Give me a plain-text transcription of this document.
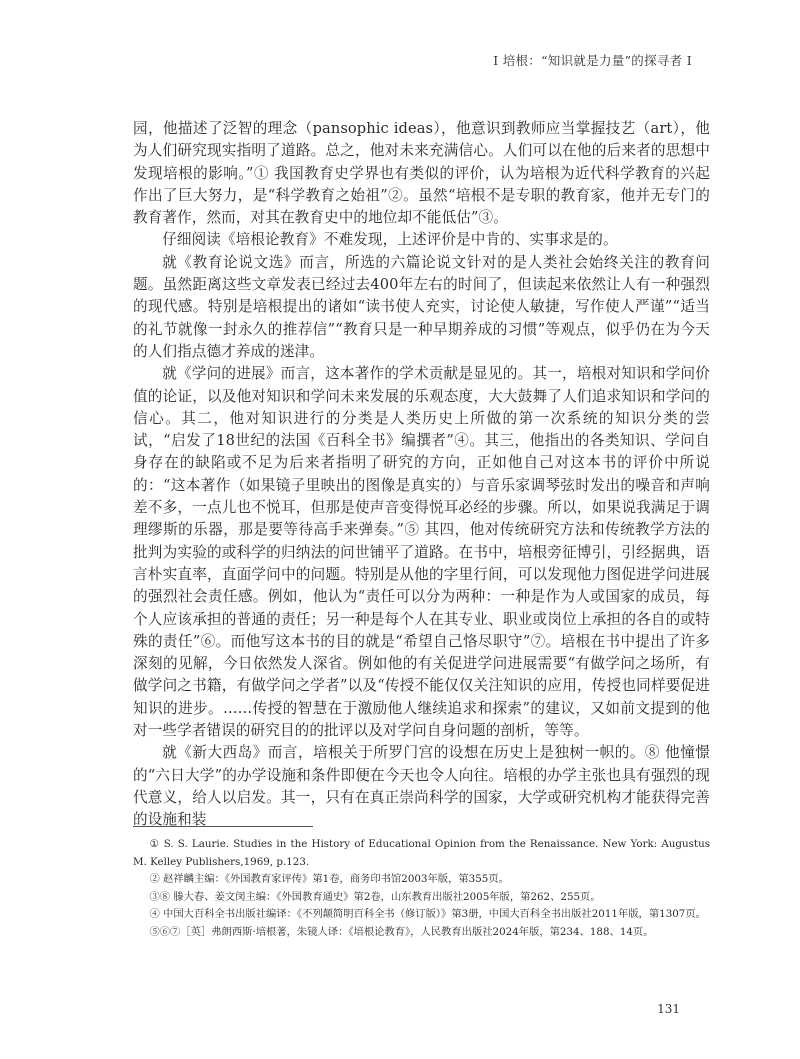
Ⅰ 培根：“知识就是力量”的探寻者 Ⅰ

园，他描述了泛智的理念（pansophic ideas），他意识到教师应当掌握技艺（art），他为人们研究现实指明了道路。总之，他对未来充满信心。人们可以在他的后来者的思想中发现培根的影响。”① 我国教育史学界也有类似的评价，认为培根为近代科学教育的兴起作出了巨大努力，是“科学教育之始祖”②。虽然“培根不是专职的教育家，他并无专门的教育著作，然而，对其在教育史中的地位却不能低估”③。

仔细阅读《培根论教育》不难发现，上述评价是中肯的、实事求是的。

就《教育论说文选》而言，所选的六篇论说文针对的是人类社会始终关注的教育问题。虽然距离这些文章发表已经过去400年左右的时间了，但读起来依然让人有一种强烈的现代感。特别是培根提出的诸如“读书使人充实，讨论使人敏捷，写作使人严谨”“适当的礼节就像一封永久的推荐信”“教育只是一种早期养成的习惯”等观点，似乎仍在为今天的人们指点德才养成的迷津。

就《学问的进展》而言，这本著作的学术贡献是显见的。其一，培根对知识和学问价值的论证，以及他对知识和学问未来发展的乐观态度，大大鼓舞了人们追求知识和学问的信心。其二，他对知识进行的分类是人类历史上所做的第一次系统的知识分类的尝试，“启发了18世纪的法国《百科全书》编撰者”④。其三，他指出的各类知识、学问自身存在的缺陷或不足为后来者指明了研究的方向，正如他自己对这本书的评价中所说的：“这本著作（如果镜子里映出的图像是真实的）与音乐家调琴弦时发出的噪音和声响差不多，一点儿也不悦耳，但那是使声音变得悦耳必经的步骤。所以，如果说我满足于调理缪斯的乐器，那是要等待高手来弹奏。”⑤ 其四，他对传统研究方法和传统教学方法的批判为实验的或科学的归纳法的问世铺平了道路。在书中，培根旁征博引，引经据典，语言朴实直率，直面学问中的问题。特别是从他的字里行间，可以发现他力图促进学问进展的强烈社会责任感。例如，他认为“责任可以分为两种：一种是作为人或国家的成员，每个人应该承担的普通的责任；另一种是每个人在其专业、职业或岗位上承担的各自的或特殊的责任”⑥。而他写这本书的目的就是“希望自己恪尽职守”⑦。培根在书中提出了许多深刻的见解，今日依然发人深省。例如他的有关促进学问进展需要“有做学问之场所，有做学问之书籍，有做学问之学者”以及“传授不能仅仅关注知识的应用，传授也同样要促进知识的进步。……传授的智慧在于激励他人继续追求和探索”的建议，又如前文提到的他对一些学者错误的研究目的的批评以及对学问自身问题的剖析，等等。

就《新大西岛》而言，培根关于所罗门宫的设想在历史上是独树一帜的。⑧ 他憧憬的“六日大学”的办学设施和条件即便在今天也令人向往。培根的办学主张也具有强烈的现代意义，给人以启发。其一，只有在真正崇尚科学的国家，大学或研究机构才能获得完善的设施和装

① S. S. Laurie. Studies in the History of Educational Opinion from the Renaissance. New York: Augustus M. Kelley Publishers,1969, p.123.

② 赵祥麟主编：《外国教育家评传》第1卷，商务印书馆2003年版，第355页。

③⑧ 滕大春、姜文闵主编：《外国教育通史》第2卷，山东教育出版社2005年版，第262、255页。

④ 中国大百科全书出版社编译：《不列颠简明百科全书（修订版）》第3册，中国大百科全书出版社2011年版，第1307页。

⑤⑥⑦［英］弗朗西斯·培根著，朱镜人译：《培根论教育》，人民教育出版社2024年版，第234、188、14页。

131
